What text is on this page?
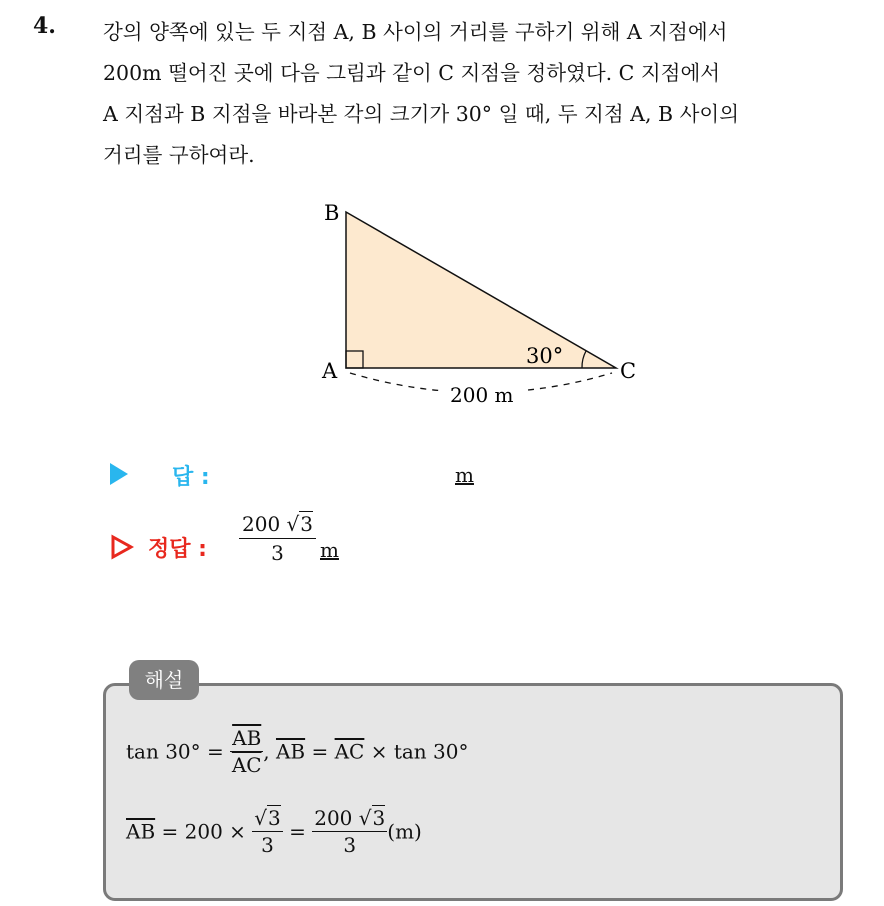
4. 강의 양쪽에 있는 두 지점 A, B 사이의 거리를 구하기 위해 A 지점에서
200m 떨어진 곳에 다음 그림과 같이 C 지점을 정하였다. C 지점에서
A 지점과 B 지점을 바라본 각의 크기가 30° 일 때, 두 지점 A, B 사이의
거리를 구하여라.
B
A	C
30°
200 m
답 :	m
정답 : $\frac{200 √3}{3}$ m
해설
$\tan 30^\circ = \frac{\overline{AB}}{AC}$ , $\overline{AB} = \overline{AC} \times \tan 30^\circ$
$\overline{AB} = 200 \times \frac{√3}{3} = \frac{200 √3}{3} (m)$
